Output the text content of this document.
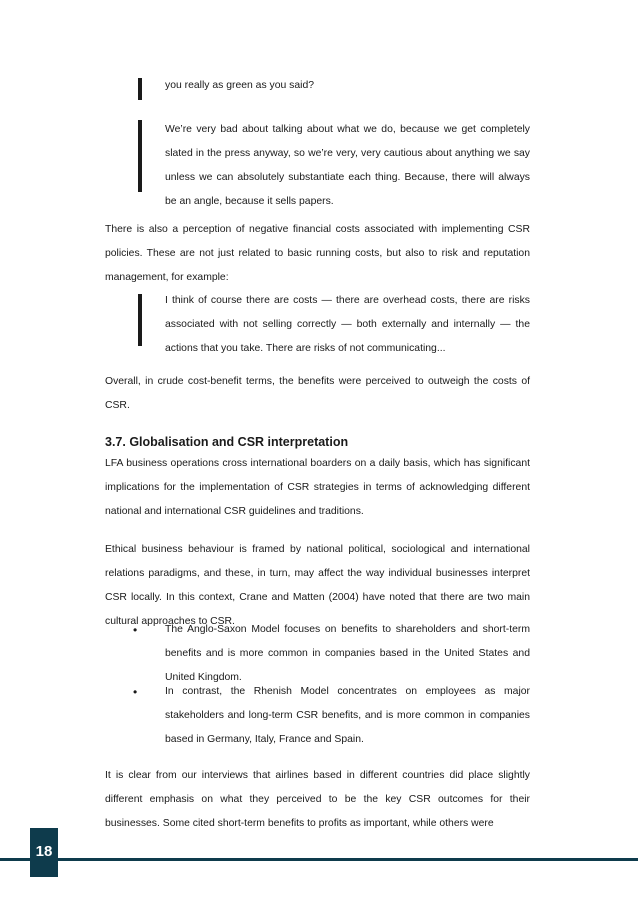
you really as green as you said?

We’re very bad about talking about what we do, because we get completely slated in the press anyway, so we’re very, very cautious about anything we say unless we can absolutely substantiate each thing. Because, there will always be an angle, because it sells papers.

There is also a perception of negative financial costs associated with implementing CSR policies. These are not just related to basic running costs, but also to risk and reputation management, for example:

I think of course there are costs — there are overhead costs, there are risks associated with not selling correctly — both externally and internally — the actions that you take. There are risks of not communicating...

Overall, in crude cost-benefit terms, the benefits were perceived to outweigh the costs of CSR.

3.7. Globalisation and CSR interpretation

LFA business operations cross international boarders on a daily basis, which has significant implications for the implementation of CSR strategies in terms of acknowledging different national and international CSR guidelines and traditions.

Ethical business behaviour is framed by national political, sociological and international relations paradigms, and these, in turn, may affect the way individual businesses interpret CSR locally. In this context, Crane and Matten (2004) have noted that there are two main cultural approaches to CSR.

•	The Anglo-Saxon Model focuses on benefits to shareholders and short-term benefits and is more common in companies based in the United States and United Kingdom.

•	In contrast, the Rhenish Model concentrates on employees as major stakeholders and long-term CSR benefits, and is more common in companies based in Germany, Italy, France and Spain.

It is clear from our interviews that airlines based in different countries did place slightly different emphasis on what they perceived to be the key CSR outcomes for their businesses. Some cited short-term benefits to profits as important, while others were

18
